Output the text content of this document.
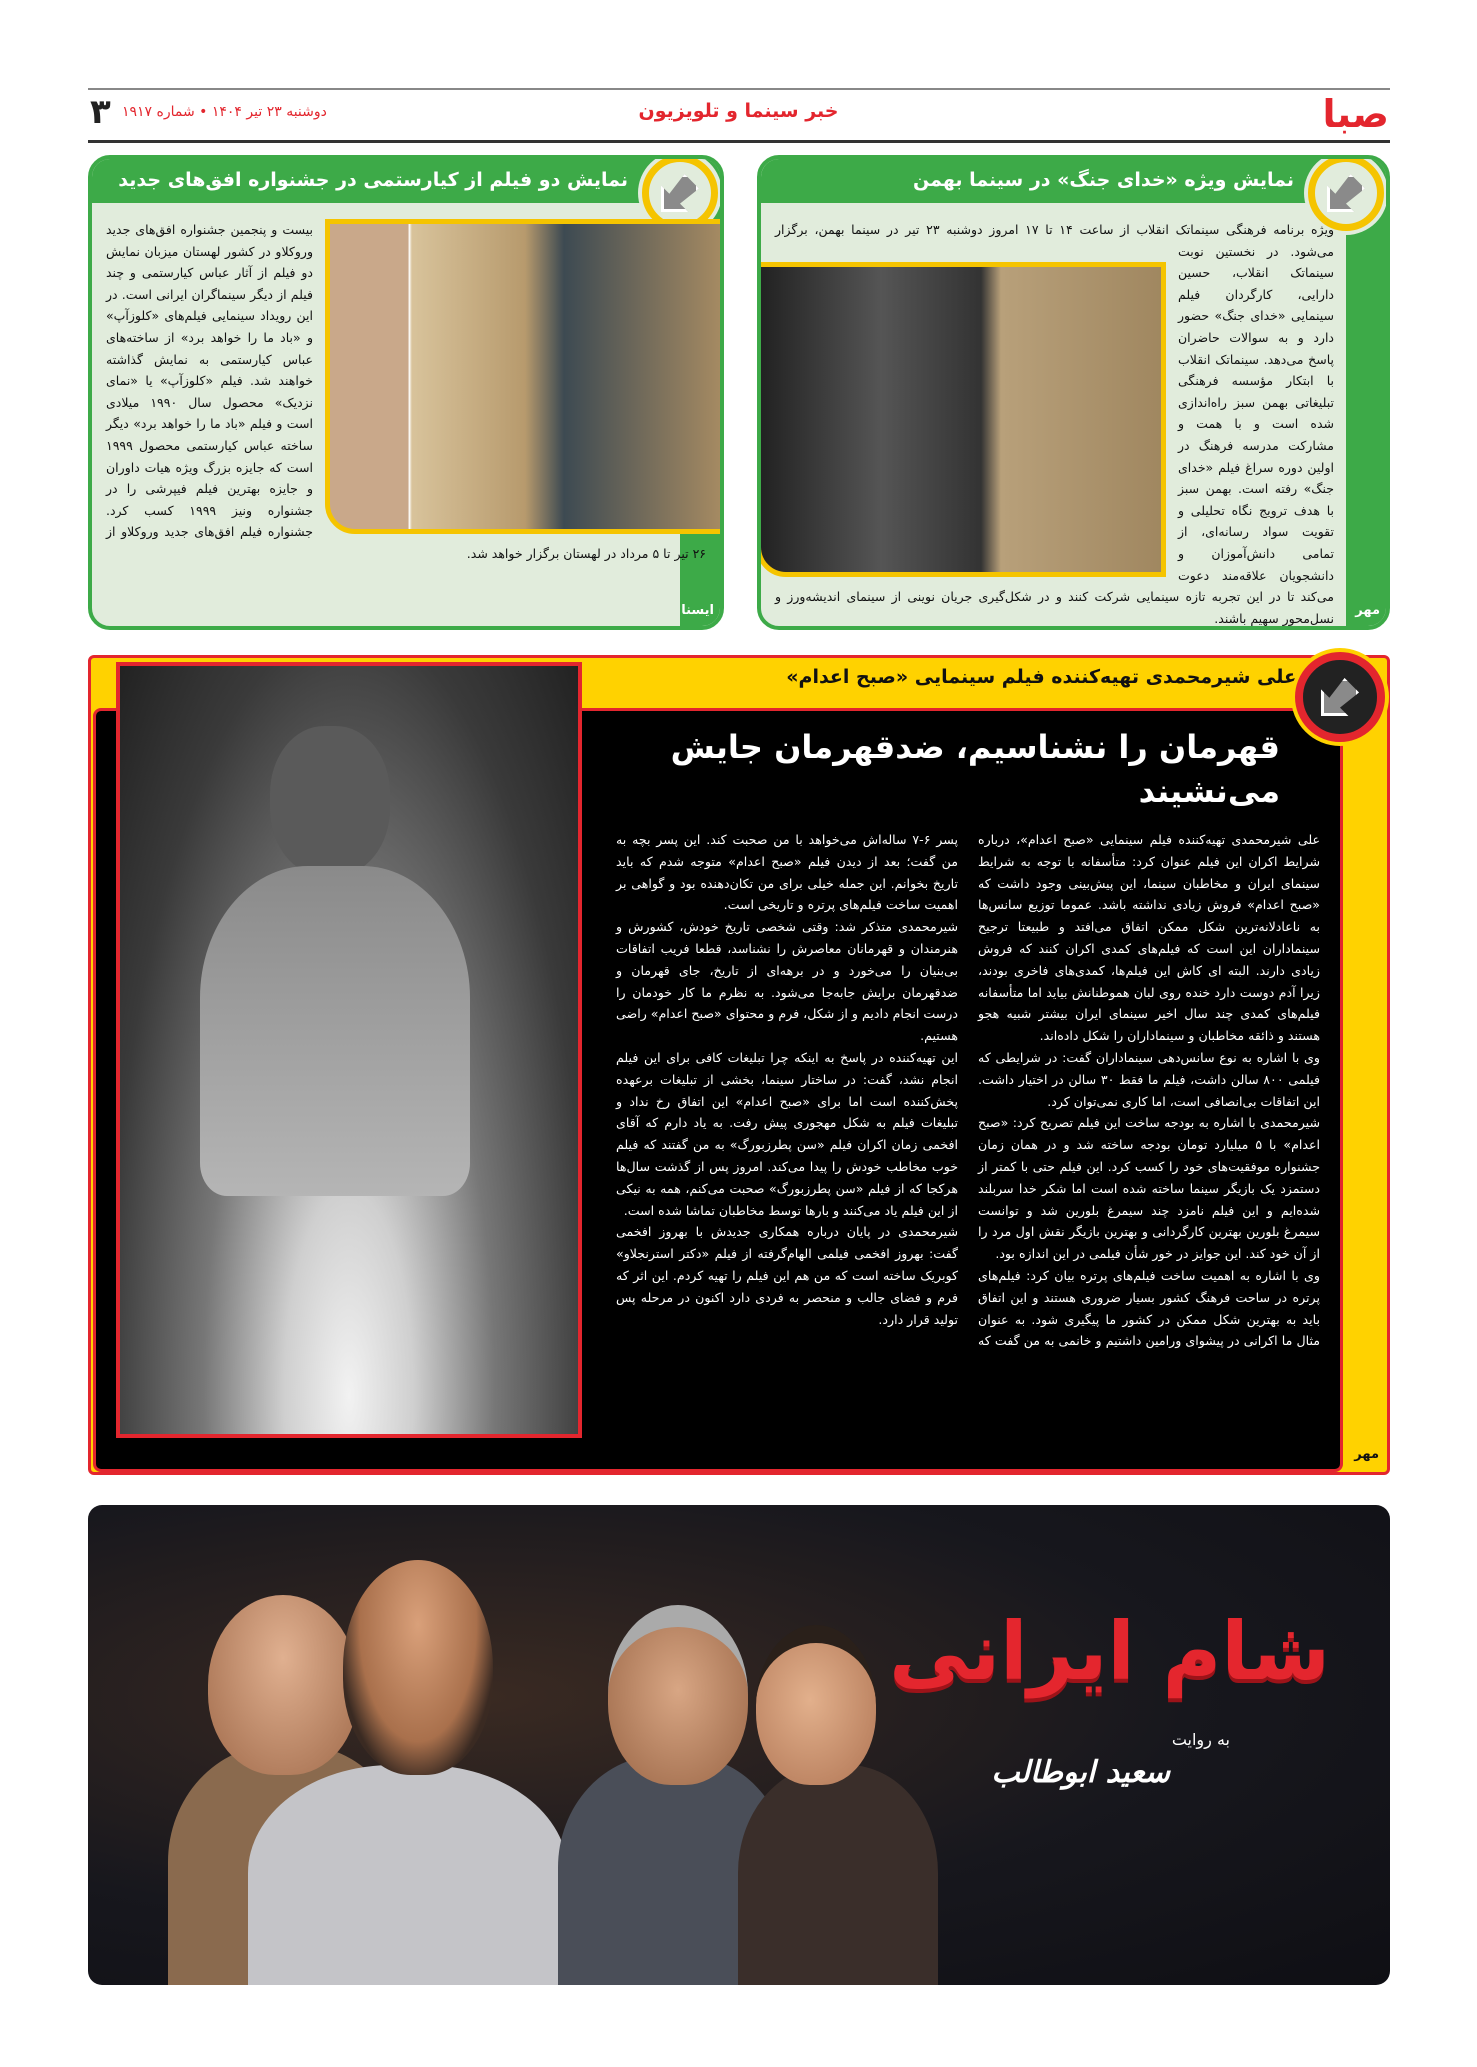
صبا
خبر سینما و تلویزیون
۳ دوشنبه ۲۳ تیر ۱۴۰۴ • شماره ۱۹۱۷
نمایش ویژه «خدای جنگ» در سینما بهمن
ویژه برنامه فرهنگی سینماتک انقلاب از ساعت ۱۴ تا ۱۷ امروز دوشنبه ۲۳ تیر در سینما بهمن، برگزار می‌شود. در نخستین نوبت سینماتک انقلاب، حسین دارایی، کارگردان فیلم سینمایی «خدای جنگ» حضور دارد و به سوالات حاضران پاسخ می‌دهد. سینماتک انقلاب با ابتکار مؤسسه فرهنگی تبلیغاتی بهمن سبز راه‌اندازی شده است و با همت و مشارکت مدرسه فرهنگ در اولین دوره سراغ فیلم «خدای جنگ» رفته است. بهمن سبز با هدف ترویج نگاه تحلیلی و تقویت سواد رسانه‌ای، از تمامی دانش‌آموزان و دانشجویان علاقه‌مند دعوت می‌کند تا در این تجربه تازه سینمایی شرکت کنند و در شکل‌گیری جریان نوینی از سینمای اندیشه‌ورز و نسل‌محور سهیم باشند.
مهر
نمایش دو فیلم از کیارستمی در جشنواره افق‌های جدید
بیست و پنجمین جشنواره افق‌های جدید وروکلاو در کشور لهستان میزبان نمایش دو فیلم از آثار عباس کیارستمی و چند فیلم از دیگر سینماگران ایرانی است. در این رویداد سینمایی فیلم‌های «کلوزآپ» و «باد ما را خواهد برد» از ساخته‌های عباس کیارستمی به نمایش گذاشته خواهند شد. فیلم «کلوزآپ» یا «نمای نزدیک» محصول سال ۱۹۹۰ میلادی است و فیلم «باد ما را خواهد برد» دیگر ساخته عباس کیارستمی محصول ۱۹۹۹ است که جایزه بزرگ ویژه هیات داوران و جایزه بهترین فیلم فیپرشی را در جشنواره ونیز ۱۹۹۹ کسب کرد. جشنواره فیلم افق‌های جدید وروکلاو از ۲۶ تیر تا ۵ مرداد در لهستان برگزار خواهد شد.
ایسنا
علی شیرمحمدی تهیه‌کننده فیلم سینمایی «صبح اعدام»
قهرمان را نشناسیم، ضدقهرمان جایش می‌نشیند

علی شیرمحمدی تهیه‌کننده فیلم سینمایی «صبح اعدام»، درباره شرایط اکران این فیلم عنوان کرد: متأسفانه با توجه به شرایط سینمای ایران و مخاطبان سینما، این پیش‌بینی وجود داشت که «صبح اعدام» فروش زیادی نداشته باشد. عموما توزیع سانس‌ها به ناعادلانه‌ترین شکل ممکن اتفاق می‌افتد و طبیعتا ترجیح سینماداران این است که فیلم‌های کمدی اکران کنند که فروش زیادی دارند. البته ای کاش این فیلم‌ها، کمدی‌های فاخری بودند، زیرا آدم دوست دارد خنده روی لبان هموطنانش بیاید اما متأسفانه فیلم‌های کمدی چند سال اخیر سینمای ایران بیشتر شبیه هجو هستند و ذائقه مخاطبان و سینماداران را شکل داده‌اند.

وی با اشاره به نوع سانس‌دهی سینماداران گفت: در شرایطی که فیلمی ۸۰۰ سالن داشت، فیلم ما فقط ۳۰ سالن در اختیار داشت. این اتفاقات بی‌انصافی است، اما کاری نمی‌توان کرد.

شیرمحمدی با اشاره به بودجه ساخت این فیلم تصریح کرد: «صبح اعدام» با ۵ میلیارد تومان بودجه ساخته شد و در همان زمان جشنواره موفقیت‌های خود را کسب کرد. این فیلم حتی با کمتر از دستمزد یک بازیگر سینما ساخته شده است اما شکر خدا سربلند شده‌ایم و این فیلم نامزد چند سیمرغ بلورین شد و توانست سیمرغ بلورین بهترین کارگردانی و بهترین بازیگر نقش اول مرد را از آن خود کند. این جوایز در خور شأن فیلمی در این اندازه بود.

وی با اشاره به اهمیت ساخت فیلم‌های پرتره بیان کرد: فیلم‌های پرتره در ساحت فرهنگ کشور بسیار ضروری هستند و این اتفاق باید به بهترین شکل ممکن در کشور ما پیگیری شود. به عنوان مثال ما اکرانی در پیشوای ورامین داشتیم و خانمی به من گفت که پسر ۶-۷ ساله‌اش می‌خواهد با من صحبت کند. این پسر بچه به من گفت؛ بعد از دیدن فیلم «صبح اعدام» متوجه شدم که باید تاریخ بخوانم. این جمله خیلی برای من تکان‌دهنده بود و گواهی بر اهمیت ساخت فیلم‌های پرتره و تاریخی است.

شیرمحمدی متذکر شد: وقتی شخصی تاریخ خودش، کشورش و هنرمندان و قهرمانان معاصرش را نشناسد، قطعا فریب اتفاقات بی‌بنیان را می‌خورد و در برهه‌ای از تاریخ، جای قهرمان و ضدقهرمان برایش جابه‌جا می‌شود. به نظرم ما کار خودمان را درست انجام دادیم و از شکل، فرم و محتوای «صبح اعدام» راضی هستیم.

این تهیه‌کننده در پاسخ به اینکه چرا تبلیغات کافی برای این فیلم انجام نشد، گفت: در ساختار سینما، بخشی از تبلیغات برعهده پخش‌کننده است اما برای «صبح اعدام» این اتفاق رخ نداد و تبلیغات فیلم به شکل مهجوری پیش رفت. به یاد دارم که آقای افخمی زمان اکران فیلم «سن پطرزبورگ» به من گفتند که فیلم خوب مخاطب خودش را پیدا می‌کند. امروز پس از گذشت سال‌ها هرکجا که از فیلم «سن پطرزبورگ» صحبت می‌کنم، همه به نیکی از این فیلم یاد می‌کنند و بارها توسط مخاطبان تماشا شده است.

شیرمحمدی در پایان درباره همکاری جدیدش با بهروز افخمی گفت: بهروز افخمی فیلمی الهام‌گرفته از فیلم «دکتر استرنجلاو» کوبریک ساخته است که من هم این فیلم را تهیه کردم. این اثر که فرم و فضای جالب و منحصر به فردی دارد اکنون در مرحله پس تولید قرار دارد.

مهر
شام ایرانی
به روایت
سعید ابوطالب
